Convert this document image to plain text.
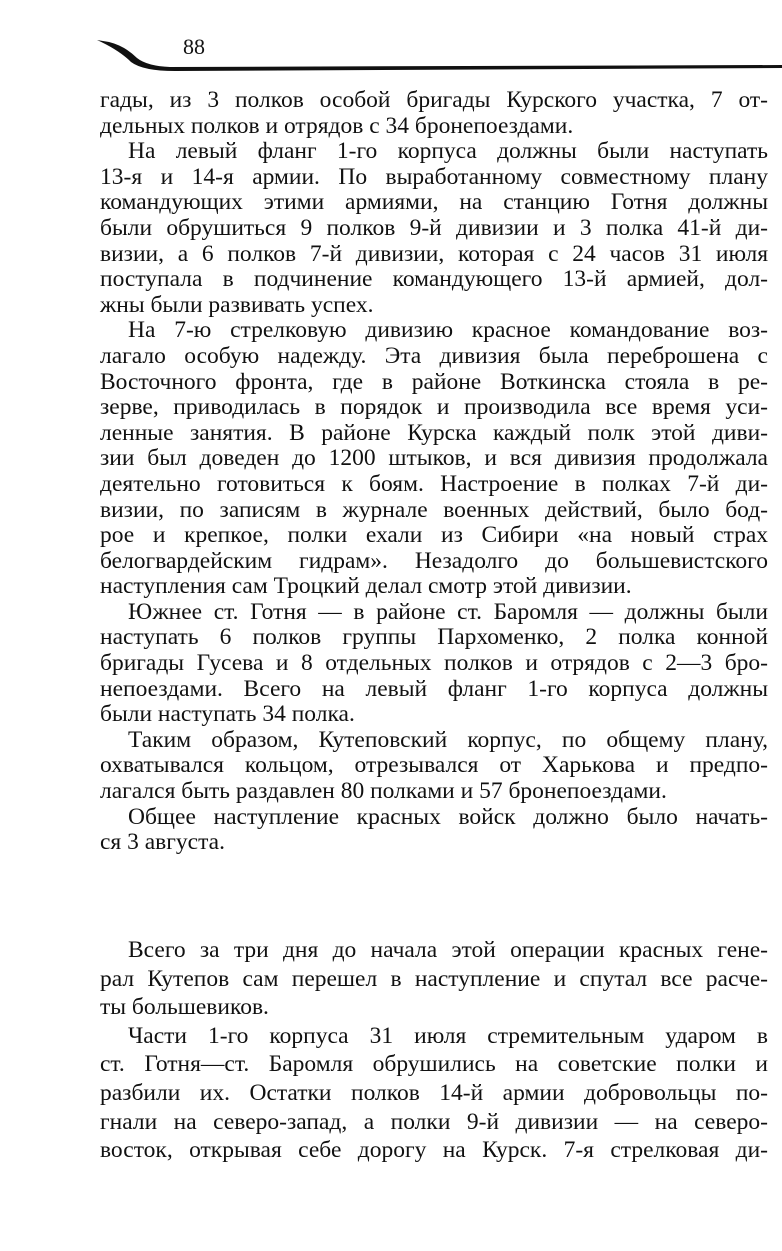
88
гады, из 3 полков особой бригады Курского участка, 7 от-
дельных полков и отрядов с 34 бронепоездами.
На левый фланг 1-го корпуса должны были наступать
13-я и 14-я армии. По выработанному совместному плану
командующих этими армиями, на станцию Готня должны
были обрушиться 9 полков 9-й дивизии и 3 полка 41-й ди-
визии, а 6 полков 7-й дивизии, которая с 24 часов 31 июля
поступала в подчинение командующего 13-й армией, дол-
жны были развивать успех.
На 7-ю стрелковую дивизию красное командование воз-
лагало особую надежду. Эта дивизия была переброшена с
Восточного фронта, где в районе Воткинска стояла в ре-
зерве, приводилась в порядок и производила все время уси-
ленные занятия. В районе Курска каждый полк этой диви-
зии был доведен до 1200 штыков, и вся дивизия продолжала
деятельно готовиться к боям. Настроение в полках 7-й ди-
визии, по записям в журнале военных действий, было бод-
рое и крепкое, полки ехали из Сибири «на новый страх
белогвардейским гидрам». Незадолго до большевистского
наступления сам Троцкий делал смотр этой дивизии.
Южнее ст. Готня — в районе ст. Баромля — должны были
наступать 6 полков группы Пархоменко, 2 полка конной
бригады Гусева и 8 отдельных полков и отрядов с 2—3 бро-
непоездами. Всего на левый фланг 1-го корпуса должны
были наступать 34 полка.
Таким образом, Кутеповский корпус, по общему плану,
охватывался кольцом, отрезывался от Харькова и предпо-
лагался быть раздавлен 80 полками и 57 бронепоездами.
Общее наступление красных войск должно было начать-
ся 3 августа.
Всего за три дня до начала этой операции красных гене-
рал Кутепов сам перешел в наступление и спутал все расче-
ты большевиков.
Части 1-го корпуса 31 июля стремительным ударом в
ст. Готня—ст. Баромля обрушились на советские полки и
разбили их. Остатки полков 14-й армии добровольцы по-
гнали на северо-запад, а полки 9-й дивизии — на северо-
восток, открывая себе дорогу на Курск. 7-я стрелковая ди-
